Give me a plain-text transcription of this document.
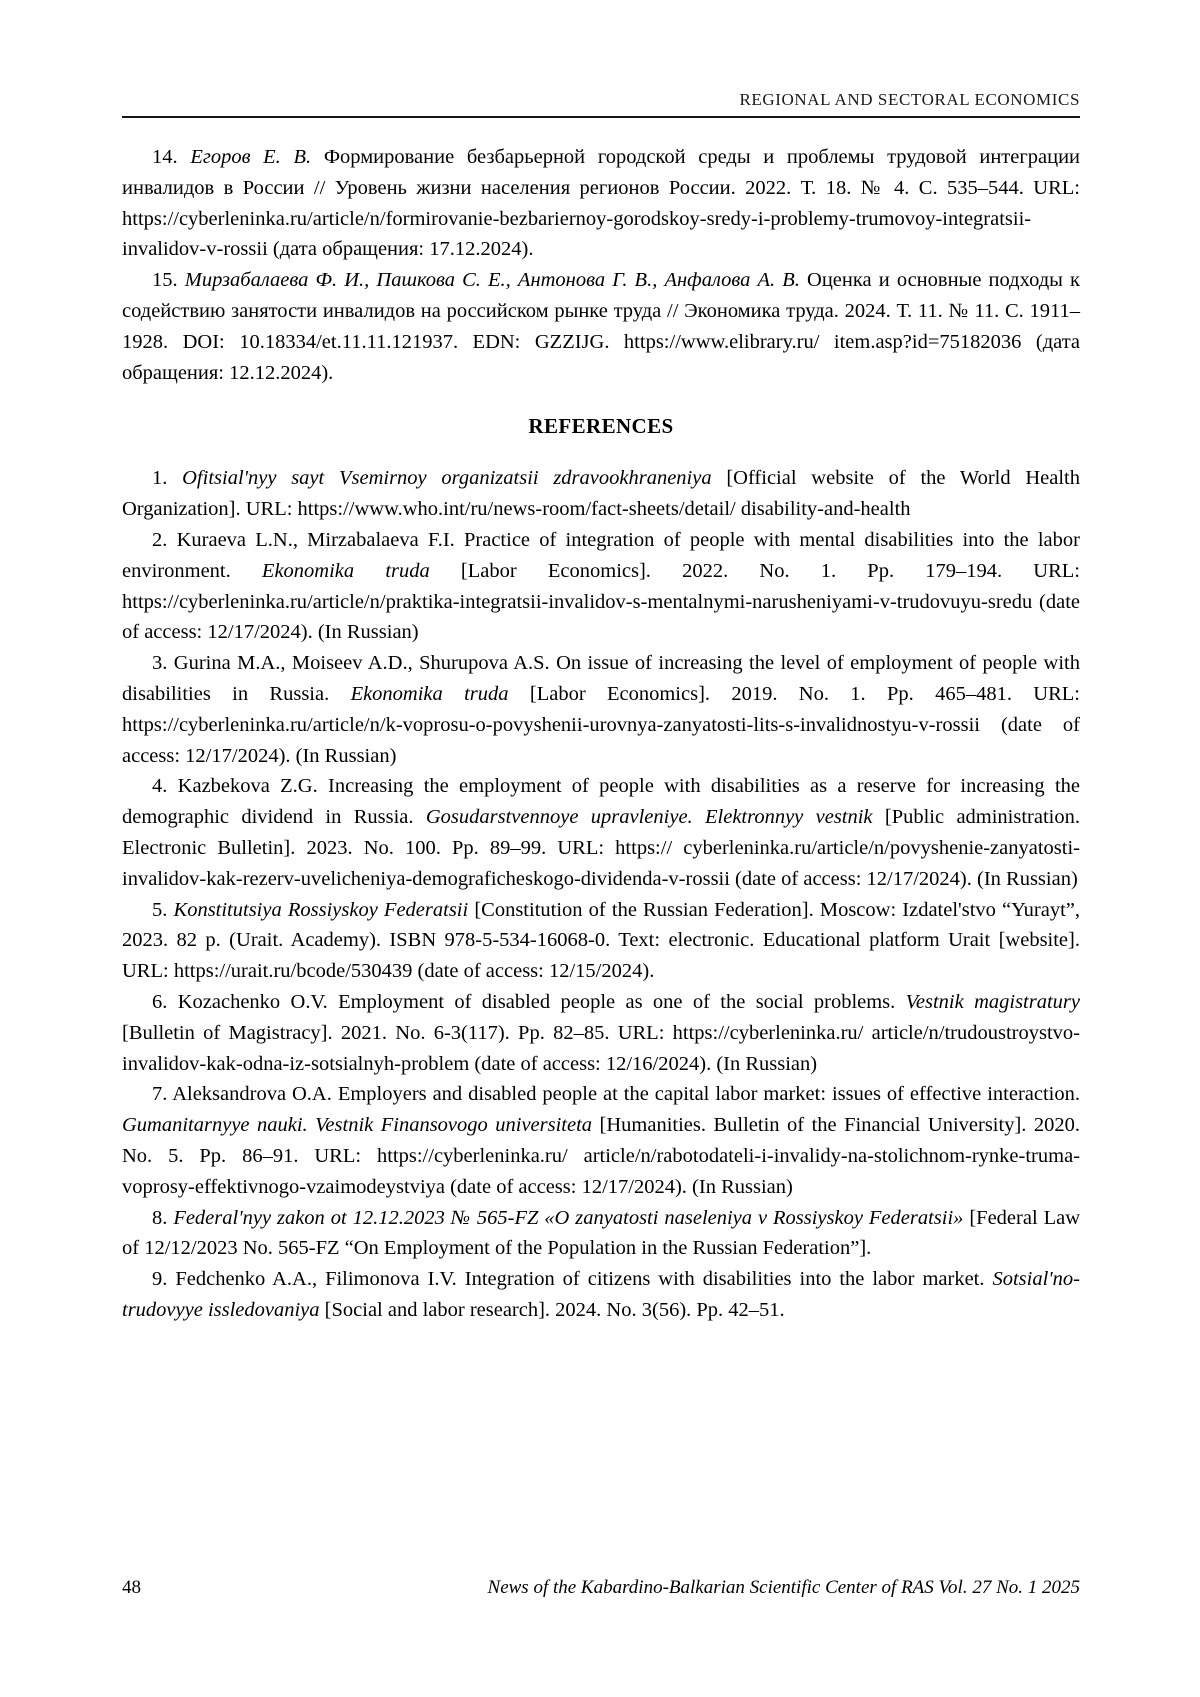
REGIONAL AND SECTORAL ECONOMICS

14. Егоров Е. В. Формирование безбарьерной городской среды и проблемы трудовой интеграции инвалидов в России // Уровень жизни населения регионов России. 2022. Т. 18. № 4. С. 535–544. URL: https://cyberleninka.ru/article/n/formirovanie-bezbariernoy-gorodskoy-sredy-i-problemy-trumovoy-integratsii-invalidov-v-rossii (дата обращения: 17.12.2024).

15. Мирзабалаева Ф. И., Пашкова С. Е., Антонова Г. В., Анфалова А. В. Оценка и основные подходы к содействию занятости инвалидов на российском рынке труда // Экономика труда. 2024. Т. 11. № 11. С. 1911–1928. DOI: 10.18334/et.11.11.121937. EDN: GZZIJG. https://www.elibrary.ru/ item.asp?id=75182036 (дата обращения: 12.12.2024).

REFERENCES

1. Ofitsial'nyy sayt Vsemirnoy organizatsii zdravookhraneniya [Official website of the World Health Organization]. URL: https://www.who.int/ru/news-room/fact-sheets/detail/ disability-and-health

2. Kuraeva L.N., Mirzabalaeva F.I. Practice of integration of people with mental disabilities into the labor environment. Ekonomika truda [Labor Economics]. 2022. No. 1. Pp. 179–194. URL: https://cyberleninka.ru/article/n/praktika-integratsii-invalidov-s-mentalnymi-narusheniyami-v-trudovuyu-sredu (date of access: 12/17/2024). (In Russian)

3. Gurina M.A., Moiseev A.D., Shurupova A.S. On issue of increasing the level of employment of people with disabilities in Russia. Ekonomika truda [Labor Economics]. 2019. No. 1. Pp. 465–481. URL: https://cyberleninka.ru/article/n/k-voprosu-o-povyshenii-urovnya-zanyatosti-lits-s-invalidnostyu-v-rossii (date of access: 12/17/2024). (In Russian)

4. Kazbekova Z.G. Increasing the employment of people with disabilities as a reserve for increasing the demographic dividend in Russia. Gosudarstvennoye upravleniye. Elektronnyy vestnik [Public administration. Electronic Bulletin]. 2023. No. 100. Pp. 89–99. URL: https:// cyberleninka.ru/article/n/povyshenie-zanyatosti-invalidov-kak-rezerv-uvelicheniya-demograficheskogo-dividenda-v-rossii (date of access: 12/17/2024). (In Russian)

5. Konstitutsiya Rossiyskoy Federatsii [Constitution of the Russian Federation]. Moscow: Izdatel'stvo “Yurayt”, 2023. 82 p. (Urait. Academy). ISBN 978-5-534-16068-0. Text: electronic. Educational platform Urait [website]. URL: https://urait.ru/bcode/530439 (date of access: 12/15/2024).

6. Kozachenko O.V. Employment of disabled people as one of the social problems. Vestnik magistratury [Bulletin of Magistracy]. 2021. No. 6-3(117). Pp. 82–85. URL: https://cyberleninka.ru/ article/n/trudoustroystvo-invalidov-kak-odna-iz-sotsialnyh-problem (date of access: 12/16/2024). (In Russian)

7. Aleksandrova O.A. Employers and disabled people at the capital labor market: issues of effective interaction. Gumanitarnyye nauki. Vestnik Finansovogo universiteta [Humanities. Bulletin of the Financial University]. 2020. No. 5. Pp. 86–91. URL: https://cyberleninka.ru/ article/n/rabotodateli-i-invalidy-na-stolichnom-rynke-truma-voprosy-effektivnogo-vzaimodeystviya (date of access: 12/17/2024). (In Russian)

8. Federal'nyy zakon ot 12.12.2023 № 565-FZ «O zanyatosti naseleniya v Rossiyskoy Federatsii» [Federal Law of 12/12/2023 No. 565-FZ “On Employment of the Population in the Russian Federation”].

9. Fedchenko A.A., Filimonova I.V. Integration of citizens with disabilities into the labor market. Sotsial'no-trudovyye issledovaniya [Social and labor research]. 2024. No. 3(56). Pp. 42–51.

48	News of the Kabardino-Balkarian Scientific Center of RAS Vol. 27 No. 1 2025
